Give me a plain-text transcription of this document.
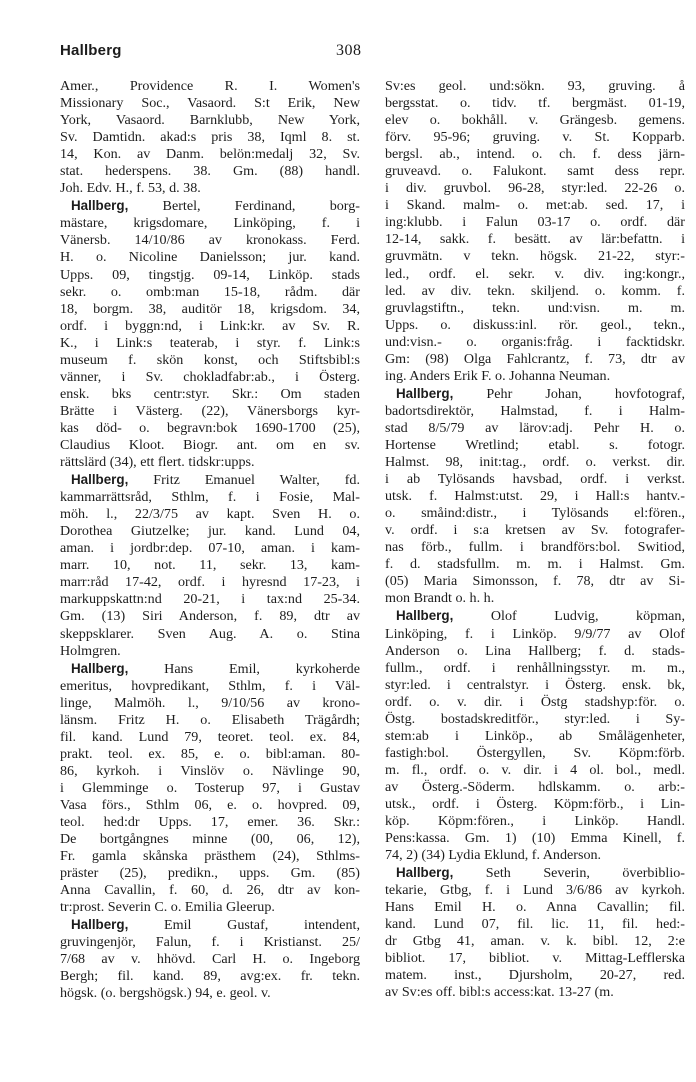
Hallberg	308
Amer., Providence R. I. Women's
Missionary Soc., Vasaord. S:t Erik, New
York, Vasaord. Barnklubb, New York,
Sv. Damtidn. akad:s pris 38, Iqml 8. st.
14, Kon. av Danm. belön:medalj 32, Sv.
stat. hederspens. 38. Gm. (88) handl.
Joh. Edv. H., f. 53, d. 38.
Hallberg, Bertel, Ferdinand, borg-
mästare, krigsdomare, Linköping, f. i
Vänersb. 14/10/86 av kronokass. Ferd.
H. o. Nicoline Danielsson; jur. kand.
Upps. 09, tingstjg. 09-14, Linköp. stads
sekr. o. omb:man 15-18, rådm. där
18, borgm. 38, auditör 18, krigsdom. 34,
ordf. i byggn:nd, i Link:kr. av Sv. R.
K., i Link:s teaterab, i styr. f. Link:s
museum f. skön konst, och Stiftsbibl:s
vänner, i Sv. chokladfabr:ab., i Österg.
ensk. bks centr:styr. Skr.: Om staden
Brätte i Västerg. (22), Vänersborgs kyr-
kas död- o. begravn:bok 1690-1700 (25),
Claudius Kloot. Biogr. ant. om en sv.
rättslärd (34), ett flert. tidskr:upps.
Hallberg, Fritz Emanuel Walter, fd.
kammarrättsråd, Sthlm, f. i Fosie, Mal-
möh. l., 22/3/75 av kapt. Sven H. o.
Dorothea Giutzelke; jur. kand. Lund 04,
aman. i jordbr:dep. 07-10, aman. i kam-
marr. 10, not. 11, sekr. 13, kam-
marr:råd 17-42, ordf. i hyresnd 17-23, i
markuppskattn:nd 20-21, i tax:nd 25-34.
Gm. (13) Siri Anderson, f. 89, dtr av
skeppsklarer. Sven Aug. A. o. Stina
Holmgren.
Hallberg, Hans Emil, kyrkoherde
emeritus, hovpredikant, Sthlm, f. i Väl-
linge, Malmöh. l., 9/10/56 av krono-
länsm. Fritz H. o. Elisabeth Trägårdh;
fil. kand. Lund 79, teoret. teol. ex. 84,
prakt. teol. ex. 85, e. o. bibl:aman. 80-
86, kyrkoh. i Vinslöv o. Nävlinge 90,
i Glemminge o. Tosterup 97, i Gustav
Vasa förs., Sthlm 06, e. o. hovpred. 09,
teol. hed:dr Upps. 17, emer. 36. Skr.:
De bortgångnes minne (00, 06, 12),
Fr. gamla skånska prästhem (24), Sthlms-
präster (25), predikn., upps. Gm. (85)
Anna Cavallin, f. 60, d. 26, dtr av kon-
tr:prost. Severin C. o. Emilia Gleerup.
Hallberg, Emil Gustaf, intendent,
gruvingenjör, Falun, f. i Kristianst. 25/
7/68 av v. hhövd. Carl H. o. Ingeborg
Bergh; fil. kand. 89, avg:ex. fr. tekn.
högsk. (o. bergshögsk.) 94, e. geol. v.
Sv:es geol. und:sökn. 93, gruving. å
bergsstat. o. tidv. tf. bergmäst. 01-19,
elev o. bokhåll. v. Grängesb. gemens.
förv. 95-96; gruving. v. St. Kopparb.
bergsl. ab., intend. o. ch. f. dess järn-
gruveavd. o. Falukont. samt dess repr.
i div. gruvbol. 96-28, styr:led. 22-26 o.
i Skand. malm- o. met:ab. sed. 17, i
ing:klubb. i Falun 03-17 o. ordf. där
12-14, sakk. f. besätt. av lär:befattn. i
gruvmätn. v tekn. högsk. 21-22, styr:-
led., ordf. el. sekr. v. div. ing:kongr.,
led. av div. tekn. skiljend. o. komm. f.
gruvlagstiftn., tekn. und:visn. m. m.
Upps. o. diskuss:inl. rör. geol., tekn.,
und:visn.- o. organis:fråg. i facktidskr.
Gm: (98) Olga Fahlcrantz, f. 73, dtr av
ing. Anders Erik F. o. Johanna Neuman.
Hallberg, Pehr Johan, hovfotograf,
badortsdirektör, Halmstad, f. i Halm-
stad 8/5/79 av lärov:adj. Pehr H. o.
Hortense Wretlind; etabl. s. fotogr.
Halmst. 98, init:tag., ordf. o. verkst. dir.
i ab Tylösands havsbad, ordf. i verkst.
utsk. f. Halmst:utst. 29, i Hall:s hantv.-
o. småind:distr., i Tylösands el:fören.,
v. ordf. i s:a kretsen av Sv. fotografer-
nas förb., fullm. i brandförs:bol. Switiod,
f. d. stadsfullm. m. m. i Halmst. Gm.
(05) Maria Simonsson, f. 78, dtr av Si-
mon Brandt o. h. h.
Hallberg, Olof Ludvig, köpman,
Linköping, f. i Linköp. 9/9/77 av Olof
Anderson o. Lina Hallberg; f. d. stads-
fullm., ordf. i renhållningsstyr. m. m.,
styr:led. i centralstyr. i Österg. ensk. bk,
ordf. o. v. dir. i Östg stadshyp:för. o.
Östg. bostadskreditför., styr:led. i Sy-
stem:ab i Linköp., ab Smålägenheter,
fastigh:bol. Östergyllen, Sv. Köpm:förb.
m. fl., ordf. o. v. dir. i 4 ol. bol., medl.
av Österg.-Söderm. hdlskamm. o. arb:-
utsk., ordf. i Österg. Köpm:förb., i Lin-
köp. Köpm:fören., i Linköp. Handl.
Pens:kassa. Gm. 1) (10) Emma Kinell, f.
74, 2) (34) Lydia Eklund, f. Anderson.
Hallberg, Seth Severin, överbiblio-
tekarie, Gtbg, f. i Lund 3/6/86 av kyrkoh.
Hans Emil H. o. Anna Cavallin; fil.
kand. Lund 07, fil. lic. 11, fil. hed:-
dr Gtbg 41, aman. v. k. bibl. 12, 2:e
bibliot. 17, bibliot. v. Mittag-Lefflerska
matem. inst., Djursholm, 20-27, red.
av Sv:es off. bibl:s access:kat. 13-27 (m.
